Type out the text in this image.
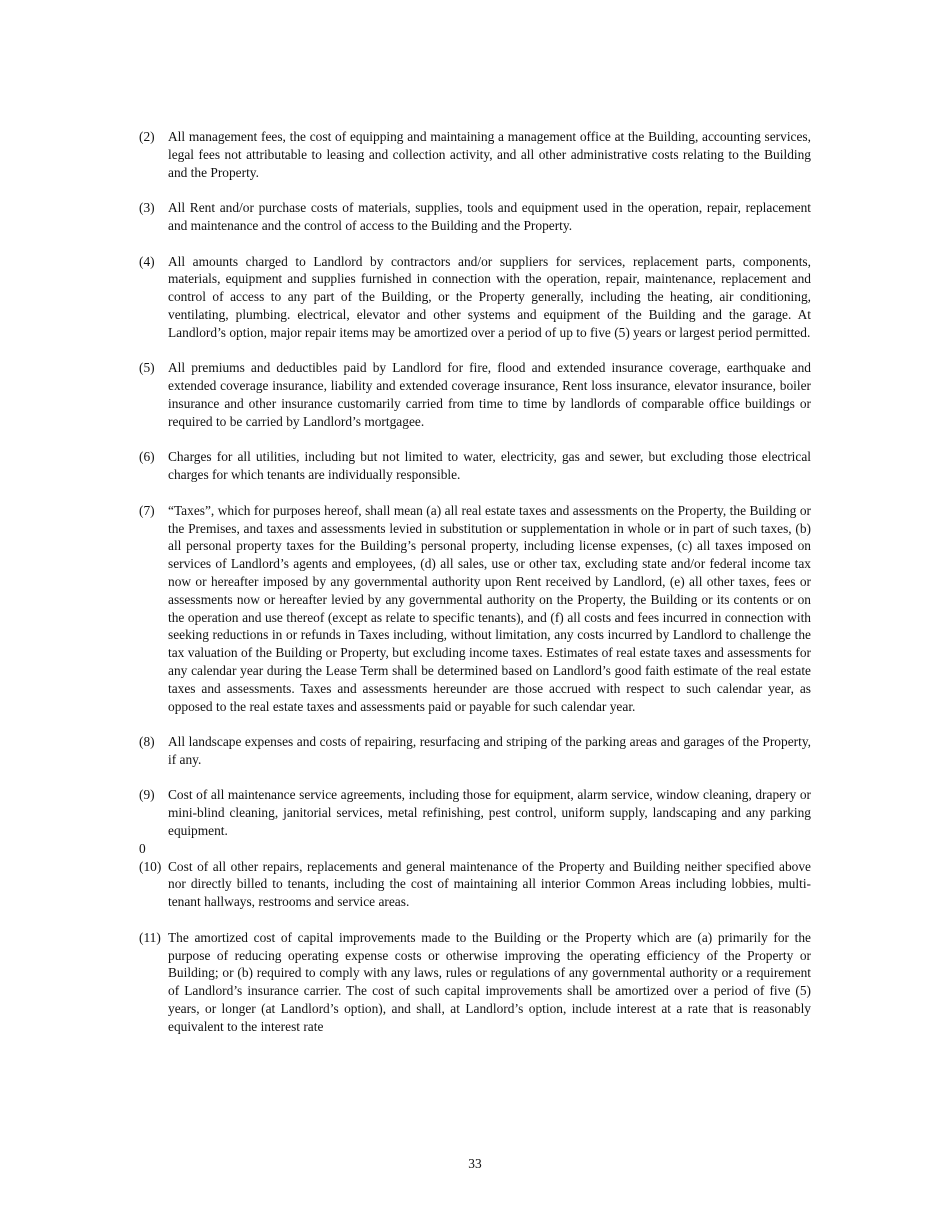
(2) All management fees, the cost of equipping and maintaining a management office at the Building, accounting services, legal fees not attributable to leasing and collection activity, and all other administrative costs relating to the Building and the Property.
(3) All Rent and/or purchase costs of materials, supplies, tools and equipment used in the operation, repair, replacement and maintenance and the control of access to the Building and the Property.
(4) All amounts charged to Landlord by contractors and/or suppliers for services, replacement parts, components, materials, equipment and supplies furnished in connection with the operation, repair, maintenance, replacement and control of access to any part of the Building, or the Property generally, including the heating, air conditioning, ventilating, plumbing. electrical, elevator and other systems and equipment of the Building and the garage. At Landlord’s option, major repair items may be amortized over a period of up to five (5) years or largest period permitted.
(5) All premiums and deductibles paid by Landlord for fire, flood and extended insurance coverage, earthquake and extended coverage insurance, liability and extended coverage insurance, Rent loss insurance, elevator insurance, boiler insurance and other insurance customarily carried from time to time by landlords of comparable office buildings or required to be carried by Landlord’s mortgagee.
(6) Charges for all utilities, including but not limited to water, electricity, gas and sewer, but excluding those electrical charges for which tenants are individually responsible.
(7) “Taxes”, which for purposes hereof, shall mean (a) all real estate taxes and assessments on the Property, the Building or the Premises, and taxes and assessments levied in substitution or supplementation in whole or in part of such taxes, (b) all personal property taxes for the Building’s personal property, including license expenses, (c) all taxes imposed on services of Landlord’s agents and employees, (d) all sales, use or other tax, excluding state and/or federal income tax now or hereafter imposed by any governmental authority upon Rent received by Landlord, (e) all other taxes, fees or assessments now or hereafter levied by any governmental authority on the Property, the Building or its contents or on the operation and use thereof (except as relate to specific tenants), and (f) all costs and fees incurred in connection with seeking reductions in or refunds in Taxes including, without limitation, any costs incurred by Landlord to challenge the tax valuation of the Building or Property, but excluding income taxes. Estimates of real estate taxes and assessments for any calendar year during the Lease Term shall be determined based on Landlord’s good faith estimate of the real estate taxes and assessments. Taxes and assessments hereunder are those accrued with respect to such calendar year, as opposed to the real estate taxes and assessments paid or payable for such calendar year.
(8) All landscape expenses and costs of repairing, resurfacing and striping of the parking areas and garages of the Property, if any.
(9) Cost of all maintenance service agreements, including those for equipment, alarm service, window cleaning, drapery or mini-blind cleaning, janitorial services, metal refinishing, pest control, uniform supply, landscaping and any parking equipment.

0

(10) Cost of all other repairs, replacements and general maintenance of the Property and Building neither specified above nor directly billed to tenants, including the cost of maintaining all interior Common Areas including lobbies, multi-tenant hallways, restrooms and service areas.
(11) The amortized cost of capital improvements made to the Building or the Property which are (a) primarily for the purpose of reducing operating expense costs or otherwise improving the operating efficiency of the Property or Building; or (b) required to comply with any laws, rules or regulations of any governmental authority or a requirement of Landlord’s insurance carrier. The cost of such capital improvements shall be amortized over a period of five (5) years, or longer (at Landlord’s option), and shall, at Landlord’s option, include interest at a rate that is reasonably equivalent to the interest rate
33
